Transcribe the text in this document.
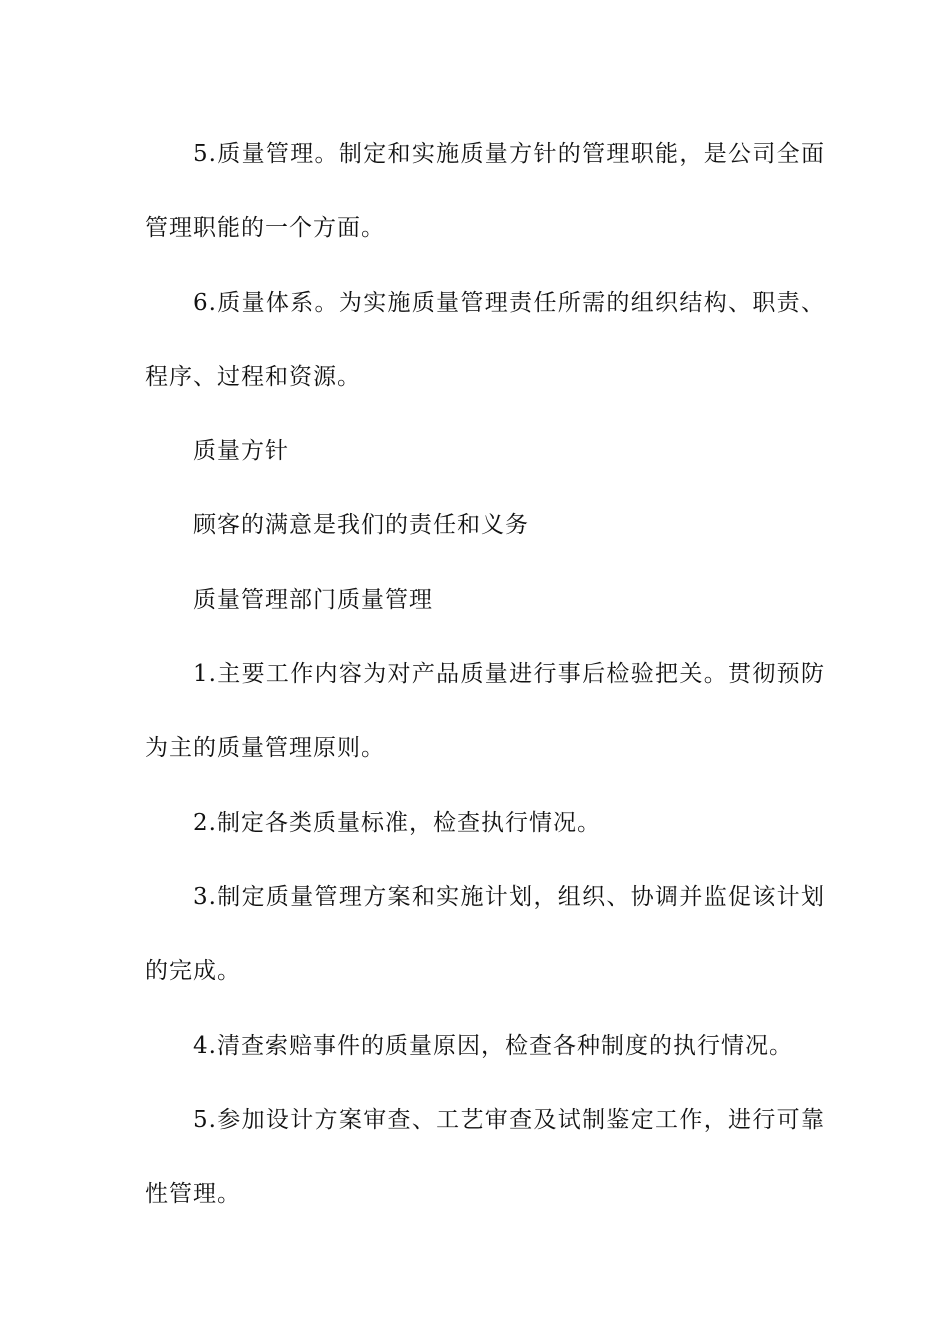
5.质量管理。制定和实施质量方针的管理职能，是公司全面管理职能的一个方面。

6.质量体系。为实施质量管理责任所需的组织结构、职责、程序、过程和资源。

质量方针

顾客的满意是我们的责任和义务

质量管理部门质量管理

1.主要工作内容为对产品质量进行事后检验把关。贯彻预防为主的质量管理原则。

2.制定各类质量标准，检查执行情况。

3.制定质量管理方案和实施计划，组织、协调并监促该计划的完成。

4.清查索赔事件的质量原因，检查各种制度的执行情况。

5.参加设计方案审查、工艺审查及试制鉴定工作，进行可靠性管理。
